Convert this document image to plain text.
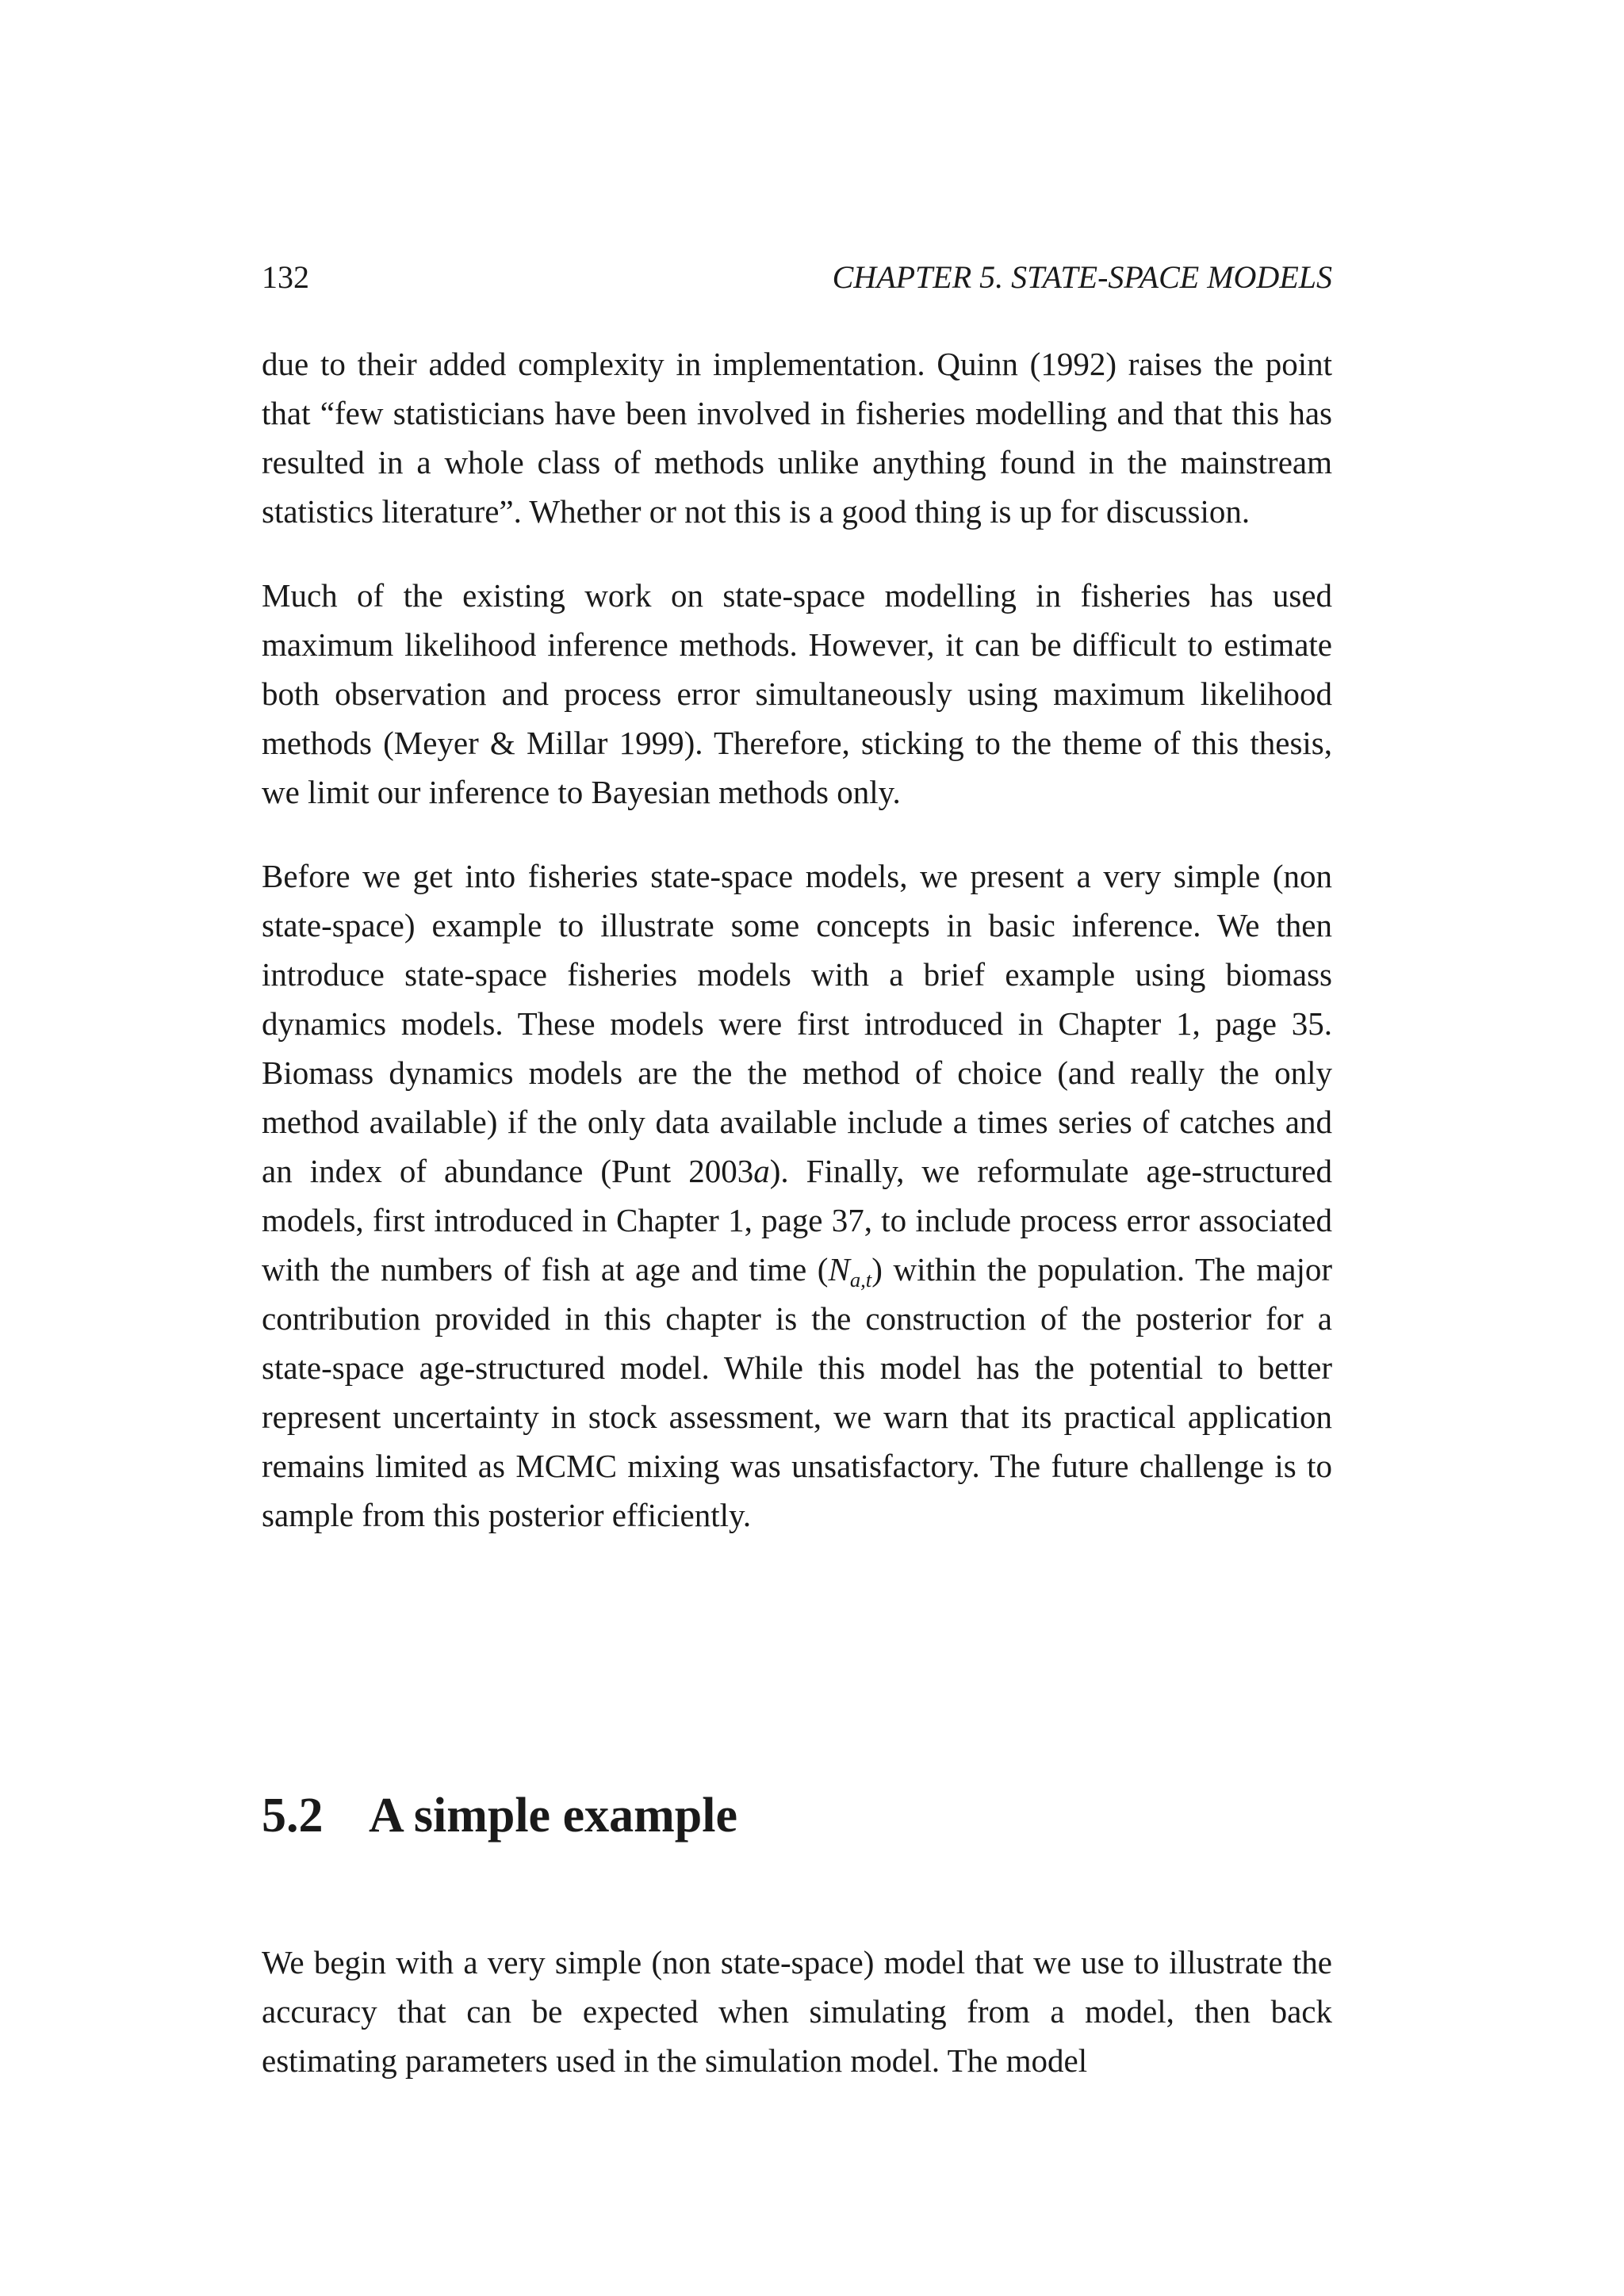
132	CHAPTER 5. STATE-SPACE MODELS

due to their added complexity in implementation. Quinn (1992) raises the point that “few statisticians have been involved in fisheries modelling and that this has resulted in a whole class of methods unlike anything found in the mainstream statistics literature”. Whether or not this is a good thing is up for discussion.

Much of the existing work on state-space modelling in fisheries has used maximum likelihood inference methods. However, it can be difficult to estimate both observation and process error simultaneously using maximum likelihood methods (Meyer & Millar 1999). Therefore, sticking to the theme of this thesis, we limit our inference to Bayesian methods only.

Before we get into fisheries state-space models, we present a very simple (non state-space) example to illustrate some concepts in basic inference. We then introduce state-space fisheries models with a brief example using biomass dynamics models. These models were first introduced in Chapter 1, page 35. Biomass dynamics models are the the method of choice (and really the only method available) if the only data available include a times series of catches and an index of abundance (Punt 2003a). Finally, we reformulate age-structured models, first introduced in Chapter 1, page 37, to include process error associated with the numbers of fish at age and time $(N_{a,t})$ within the population. The major contribution provided in this chapter is the construction of the posterior for a state-space age-structured model. While this model has the potential to better represent uncertainty in stock assessment, we warn that its practical application remains limited as MCMC mixing was unsatisfactory. The future challenge is to sample from this posterior efficiently.

5.2 A simple example

We begin with a very simple (non state-space) model that we use to illustrate the accuracy that can be expected when simulating from a model, then back estimating parameters used in the simulation model. The model
